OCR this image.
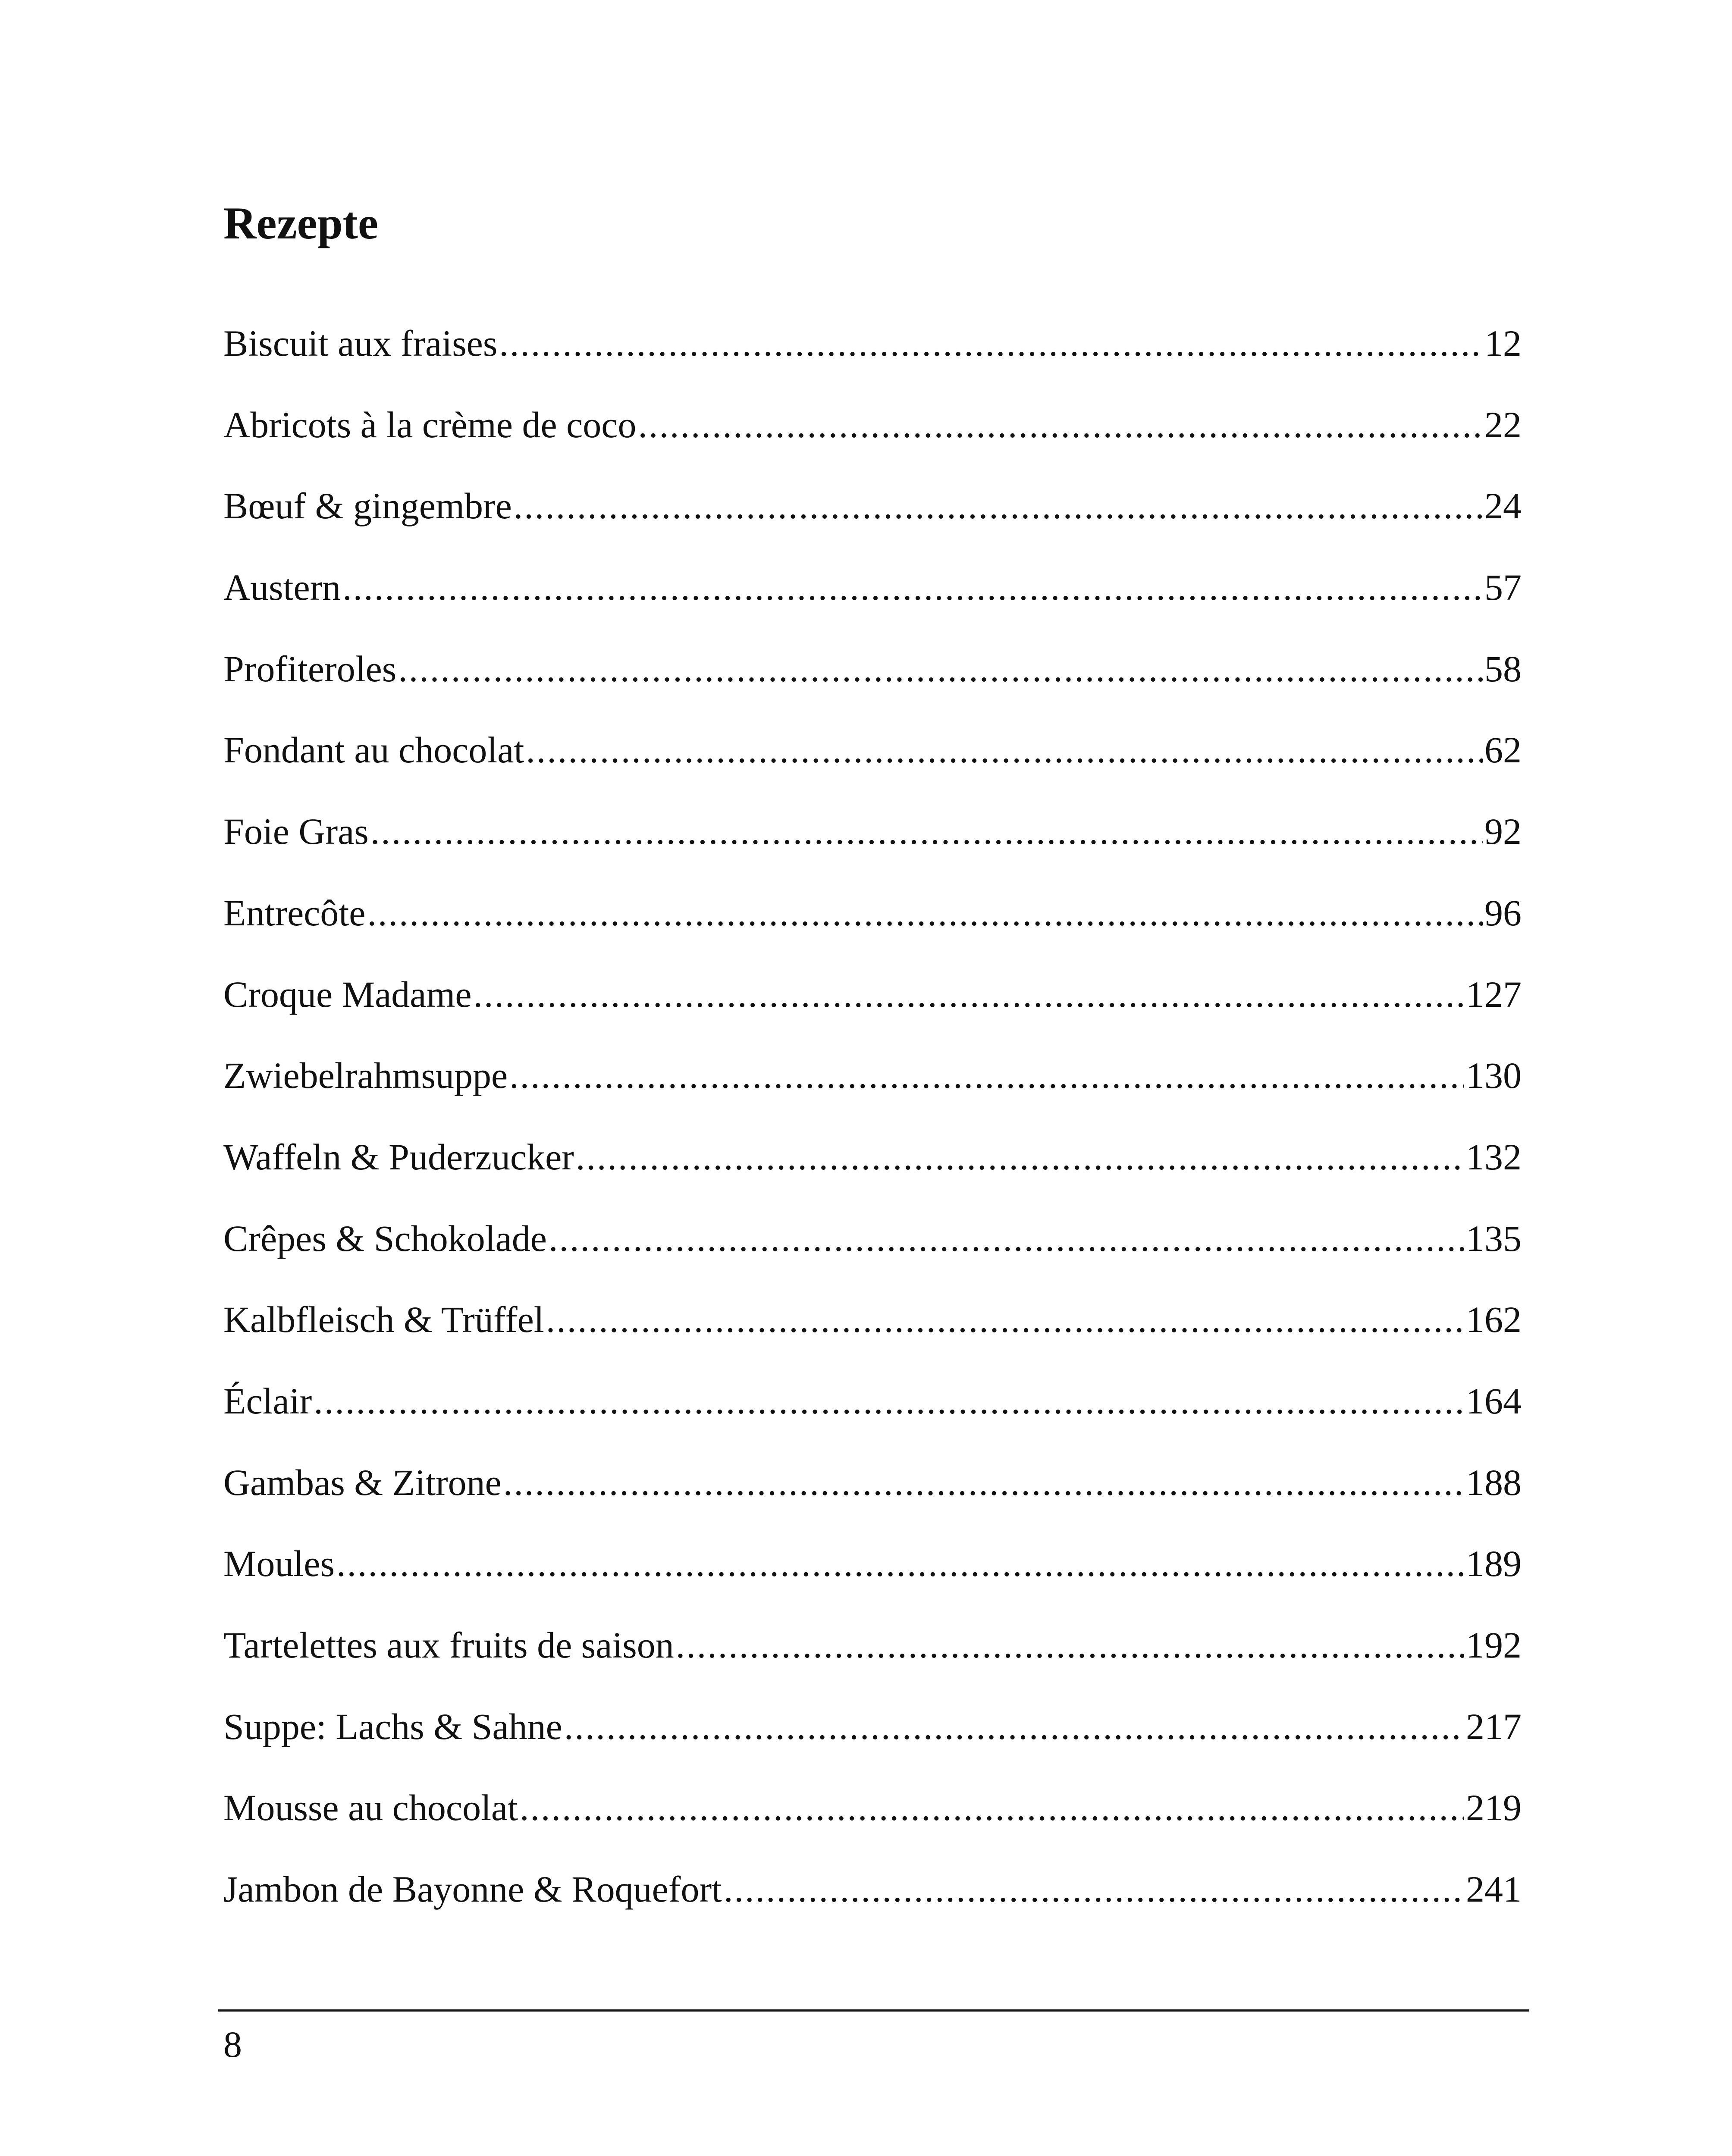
Rezepte
Biscuit aux fraises .....	12
Abricots à la crème de coco .....	22
Bœuf & gingembre .....	24
Austern .....	57
Profiteroles .....	58
Fondant au chocolat .....	62
Foie Gras .....	92
Entrecôte .....	96
Croque Madame .....	127
Zwiebelrahmsuppe .....	130
Waffeln & Puderzucker .....	132
Crêpes & Schokolade .....	135
Kalbfleisch & Trüffel .....	162
Éclair .....	164
Gambas & Zitrone .....	188
Moules .....	189
Tartelettes aux fruits de saison .....	192
Suppe: Lachs & Sahne .....	217
Mousse au chocolat .....	219
Jambon de Bayonne & Roquefort .....	241
8
